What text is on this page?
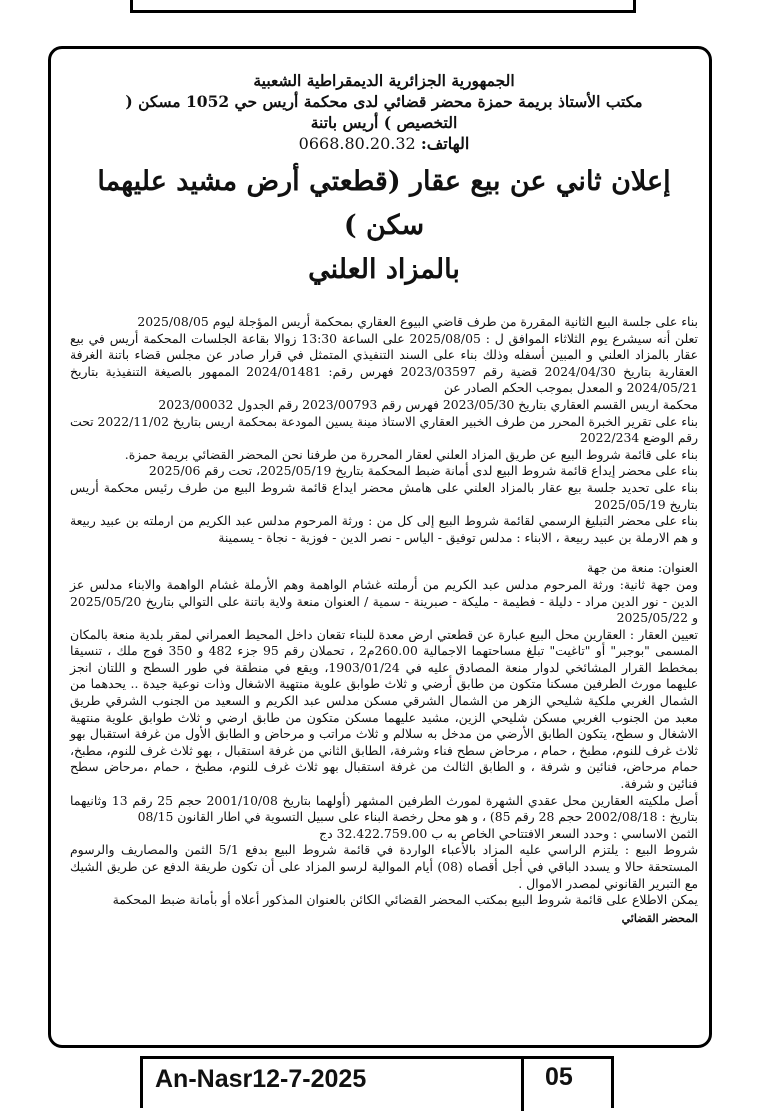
الجمهورية الجزائرية الديمقراطية الشعبية
مكتب الأستاذ بريمة حمزة محضر قضائي لدى محكمة أريس حي 1052 مسكن (
التخصيص ) أريس باتنة
الهاتف: 0668.80.20.32
إعلان ثاني عن بيع عقار (قطعتي أرض مشيد عليهما سكن )
بالمزاد العلني

بناء على جلسة البيع الثانية المقررة من طرف قاضي البيوع العقاري بمحكمة أريس المؤجلة ليوم 2025/08/05

تعلن أنه سيشرع يوم الثلاثاء الموافق ل : 2025/08/05 على الساعة 13:30 زوالا بقاعة الجلسات المحكمة أريس في بيع عقار بالمزاد العلني و المبين أسفله وذلك بناء على السند التنفيذي المتمثل في قرار صادر عن مجلس قضاء باتنة الغرفة العقارية بتاريخ 2024/04/30 قضية رقم 2023/03597 فهرس رقم: 2024/01481 الممهور بالصيغة التنفيذية بتاريخ 2024/05/21 و المعدل بموجب الحكم الصادر عن

محكمة اريس القسم العقاري بتاريخ 2023/05/30 فهرس رقم 2023/00793 رقم الجدول 2023/00032

بناء على تقرير الخبرة المحرر من طرف الخبير العقاري الاستاذ مينة يسين المودعة بمحكمة اريس بتاريخ 2022/11/02 تحت رقم الوضع 2022/234

بناء على قائمة شروط البيع عن طريق المزاد العلني لعقار المحررة من طرفنا نحن المحضر القضائي بريمة حمزة.

بناء على محضر إيداع قائمة شروط البيع لدى أمانة ضبط المحكمة بتاريخ 2025/05/19، تحت رقم 2025/06

بناء على تحديد جلسة بيع عقار بالمزاد العلني على هامش محضر ايداع قائمة شروط البيع من طرف رئيس محكمة أريس بتاريخ 2025/05/19

بناء على محضر التبليغ الرسمي لقائمة شروط البيع إلى كل من : ورثة المرحوم مدلس عبد الكريم من ارملته بن عبيد ربيعة و هم الارملة بن عبيد ربيعة ، الابناء : مدلس توفيق - الياس - نصر الدين - فوزية - نجاة - يسمينة

العنوان: منعة من جهة

ومن جهة ثانية: ورثة المرحوم مدلس عبد الكريم من أرملته غشام الواهمة وهم الأرملة غشام الواهمة والابناء مدلس عز الدين - نور الدين مراد - دليلة - فطيمة - مليكة - صبرينة - سمية / العنوان منعة ولاية باتنة على التوالي بتاريخ 2025/05/20 و 2025/05/22

تعيين العقار : العقارين محل البيع عبارة عن قطعتي ارض معدة للبناء تقعان داخل المحيط العمراني لمقر بلدية منعة بالمكان المسمى "بوجبر" أو "تاغيت" تبلغ مساحتهما الاجمالية 260.00م2 ، تحملان رقم 95 جزء 482 و 350 فوج ملك ، تنسيقا بمخطط القرار المشائخي لدوار منعة المصادق عليه في 1903/01/24، ويقع في منطقة في طور السطح و اللتان انجز عليهما مورث الطرفين مسكنا متكون من طابق أرضي و ثلاث طوابق علوية منتهية الاشغال وذات نوعية جيدة .. يحدهما من الشمال الغربي ملكية شليحي الزهر من الشمال الشرقي مسكن مدلس عبد الكريم و السعيد من الجنوب الشرقي طريق معبد من الجنوب الغربي مسكن شليحي الزين، مشيد عليهما مسكن متكون من طابق ارضي و ثلاث طوابق علوية منتهية الاشغال و سطح، يتكون الطابق الأرضي من مدخل به سلالم و ثلاث مراتب و مرحاض و الطابق الأول من غرفة استقبال بهو ثلاث غرف للنوم، مطبخ ، حمام ، مرحاض سطح فناء وشرفة، الطابق الثاني من غرفة استقبال ، بهو ثلاث غرف للنوم، مطبخ، حمام مرحاض، فنائين و شرفة ، و الطابق الثالث من غرفة استقبال بهو ثلاث غرف للنوم، مطبخ ، حمام ،مرحاض سطح فنائين و شرفة.

أصل ملكيته العقارين محل عقدي الشهرة لمورث الطرفين المشهر (أولهما بتاريخ 2001/10/08 حجم 25 رقم 13 وثانيهما بتاريخ : 2002/08/18 حجم 28 رقم 85) ، و هو محل رخصة البناء على سبيل التسوية في اطار القانون 08/15

الثمن الاساسي : وحدد السعر الافتتاحي الخاص به ب 32.422.759.00 دج

شروط البيع : يلتزم الراسي عليه المزاد بالأعباء الواردة في قائمة شروط البيع بدفع 5/1 الثمن والمصاريف والرسوم المستحقة حالا و يسدد الباقي في أجل أقصاه (08) أيام الموالية لرسو المزاد على أن تكون طريقة الدفع عن طريق الشيك مع التبرير القانوني لمصدر الاموال .

يمكن الاطلاع على قائمة شروط البيع بمكتب المحضر القضائي الكائن بالعنوان المذكور أعلاه أو بأمانة ضبط المحكمة

المحضر القضائي
An-Nasr12-7-2025	05
